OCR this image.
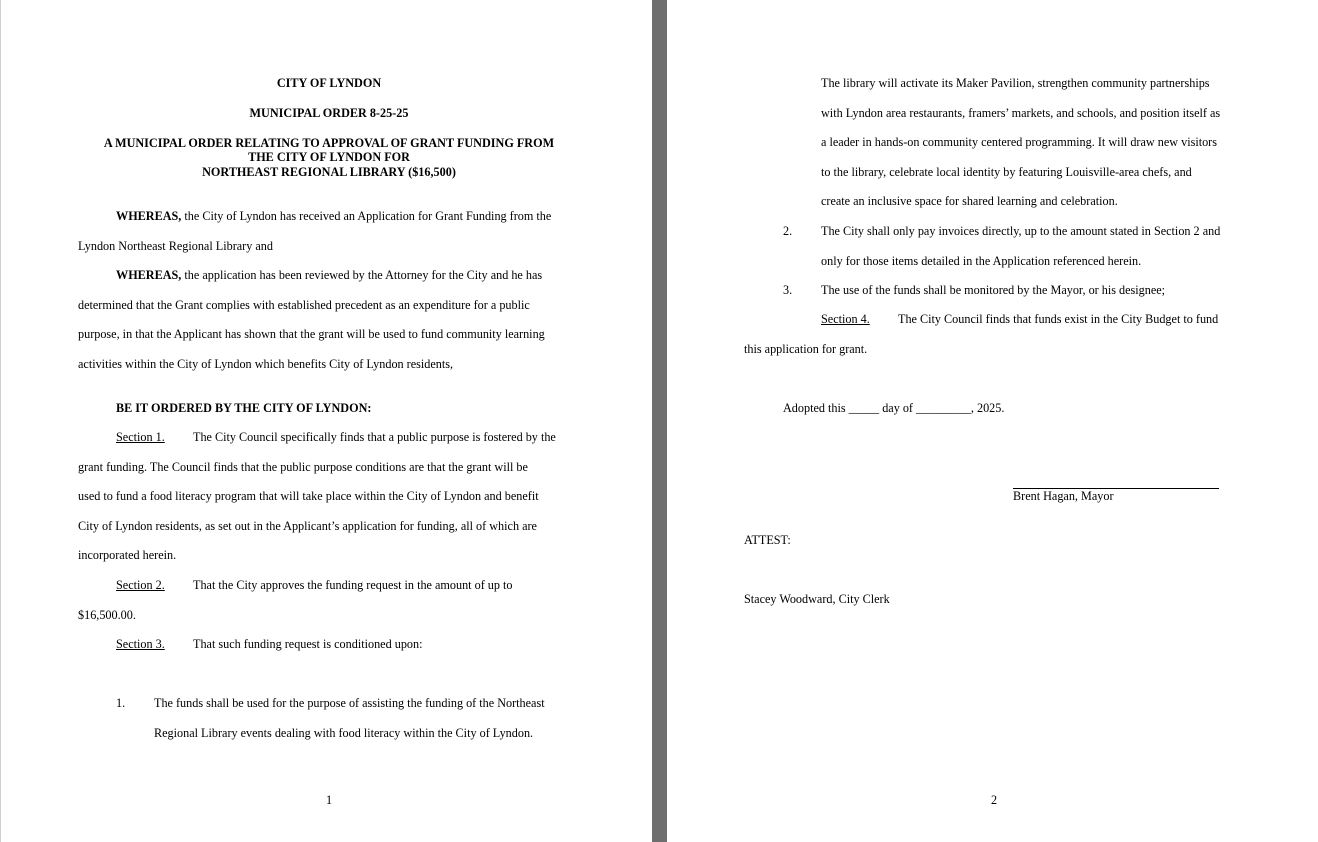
CITY OF LYNDON
MUNICIPAL ORDER 8-25-25
A MUNICIPAL ORDER RELATING TO APPROVAL OF GRANT FUNDING FROM
THE CITY OF LYNDON FOR
NORTHEAST REGIONAL LIBRARY ($16,500)
WHEREAS, the City of Lyndon has received an Application for Grant Funding from the
Lyndon Northeast Regional Library and
WHEREAS, the application has been reviewed by the Attorney for the City and he has
determined that the Grant complies with established precedent as an expenditure for a public
purpose, in that the Applicant has shown that the grant will be used to fund community learning
activities within the City of Lyndon which benefits City of Lyndon residents,
BE IT ORDERED BY THE CITY OF LYNDON:
Section 1. The City Council specifically finds that a public purpose is fostered by the
grant funding. The Council finds that the public purpose conditions are that the grant will be
used to fund a food literacy program that will take place within the City of Lyndon and benefit
City of Lyndon residents, as set out in the Applicant’s application for funding, all of which are
incorporated herein.
Section 2. That the City approves the funding request in the amount of up to
$16,500.00.
Section 3. That such funding request is conditioned upon:
1. The funds shall be used for the purpose of assisting the funding of the Northeast
Regional Library events dealing with food literacy within the City of Lyndon.
1
The library will activate its Maker Pavilion, strengthen community partnerships
with Lyndon area restaurants, framers’ markets, and schools, and position itself as
a leader in hands-on community centered programming. It will draw new visitors
to the library, celebrate local identity by featuring Louisville-area chefs, and
create an inclusive space for shared learning and celebration.
2. The City shall only pay invoices directly, up to the amount stated in Section 2 and
only for those items detailed in the Application referenced herein.
3. The use of the funds shall be monitored by the Mayor, or his designee;
Section 4. The City Council finds that funds exist in the City Budget to fund
this application for grant.
Adopted this _____ day of _________, 2025.
Brent Hagan, Mayor
ATTEST:
Stacey Woodward, City Clerk
2
